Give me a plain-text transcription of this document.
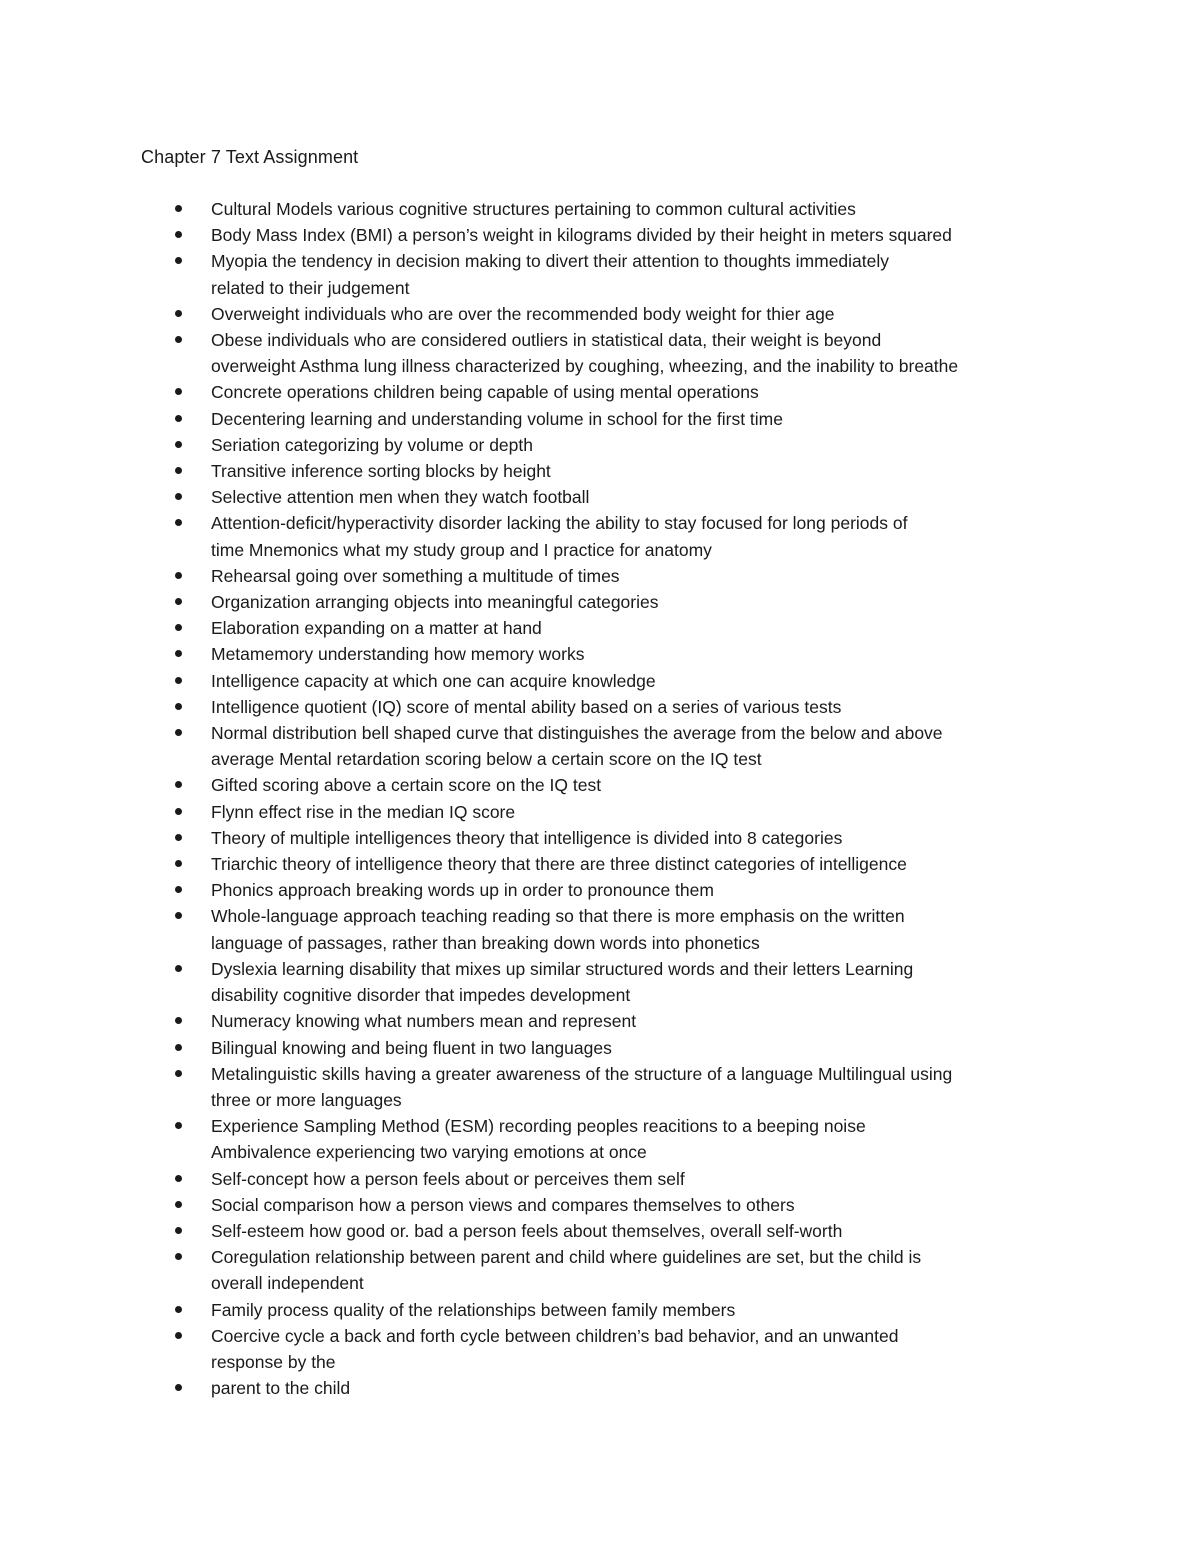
Chapter 7 Text Assignment
Cultural Models various cognitive structures pertaining to common cultural activities
Body Mass Index (BMI) a person’s weight in kilograms divided by their height in meters squared
Myopia the tendency in decision making to divert their attention to thoughts immediately
related to their judgement
Overweight individuals who are over the recommended body weight for thier age
Obese individuals who are considered outliers in statistical data, their weight is beyond
overweight Asthma lung illness characterized by coughing, wheezing, and the inability to breathe
Concrete operations children being capable of using mental operations
Decentering learning and understanding volume in school for the first time
Seriation categorizing by volume or depth
Transitive inference sorting blocks by height
Selective attention men when they watch football
Attention-deficit/hyperactivity disorder lacking the ability to stay focused for long periods of
time Mnemonics what my study group and I practice for anatomy
Rehearsal going over something a multitude of times
Organization arranging objects into meaningful categories
Elaboration expanding on a matter at hand
Metamemory understanding how memory works
Intelligence capacity at which one can acquire knowledge
Intelligence quotient (IQ) score of mental ability based on a series of various tests
Normal distribution bell shaped curve that distinguishes the average from the below and above
average Mental retardation scoring below a certain score on the IQ test
Gifted scoring above a certain score on the IQ test
Flynn effect rise in the median IQ score
Theory of multiple intelligences theory that intelligence is divided into 8 categories
Triarchic theory of intelligence theory that there are three distinct categories of intelligence
Phonics approach breaking words up in order to pronounce them
Whole-language approach teaching reading so that there is more emphasis on the written
language of passages, rather than breaking down words into phonetics
Dyslexia learning disability that mixes up similar structured words and their letters Learning
disability cognitive disorder that impedes development
Numeracy knowing what numbers mean and represent
Bilingual knowing and being fluent in two languages
Metalinguistic skills having a greater awareness of the structure of a language Multilingual using
three or more languages
Experience Sampling Method (ESM) recording peoples reacitions to a beeping noise
Ambivalence experiencing two varying emotions at once
Self-concept how a person feels about or perceives them self
Social comparison how a person views and compares themselves to others
Self-esteem how good or. bad a person feels about themselves, overall self-worth
Coregulation relationship between parent and child where guidelines are set, but the child is
overall independent
Family process quality of the relationships between family members
Coercive cycle a back and forth cycle between children’s bad behavior, and an unwanted
response by the
parent to the child
